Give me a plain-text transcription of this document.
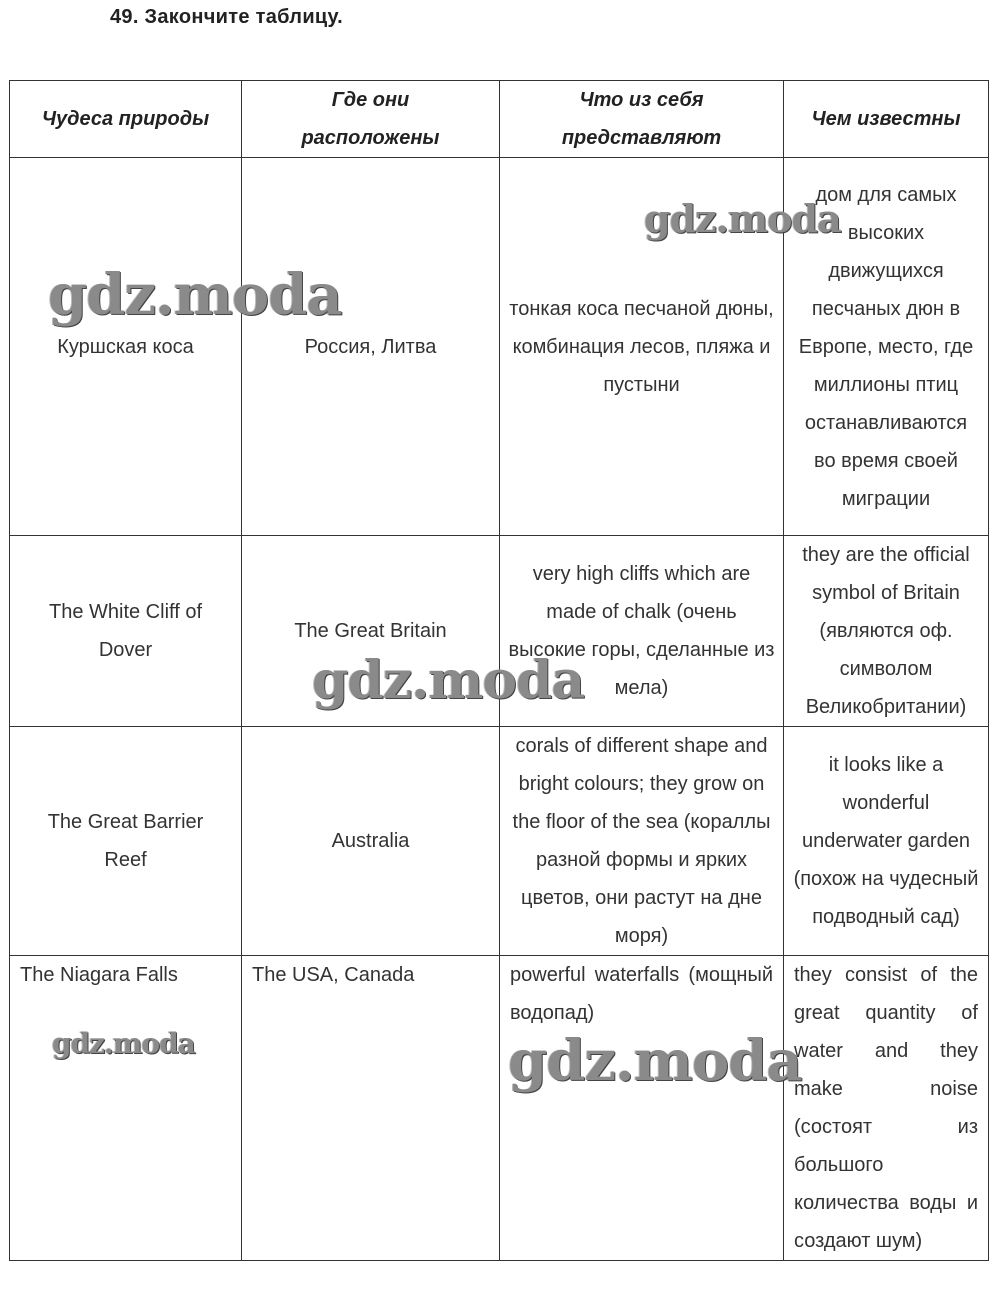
49. Закончите таблицу.
Чудеса природы	Где они расположены	Что из себя представляют	Чем известны
Куршская коса	Россия, Литва	тонкая коса песчаной дюны, комбинация лесов, пляжа и пустыни	дом для самых высоких движущихся песчаных дюн в Европе, место, где миллионы птиц останавливаются во время своей миграции
The White Cliff of Dover	The Great Britain	very high cliffs which are made of chalk (очень высокие горы, сделанные из мела)	they are the official symbol of Britain (являются оф. символом Великобритании)
The Great Barrier Reef	Australia	corals of different shape and bright colours; they grow on the floor of the sea (кораллы разной формы и ярких цветов, они растут на дне моря)	it looks like a wonderful underwater garden (похож на чудесный подводный сад)
The Niagara Falls	The USA, Canada	powerful waterfalls (мощный водопад)	they consist of the great quantity of water and they make noise (состоят из большого количества воды и создают шум)
gdz.moda
gdz.moda
gdz.moda
gdz.moda	gdz.moda
